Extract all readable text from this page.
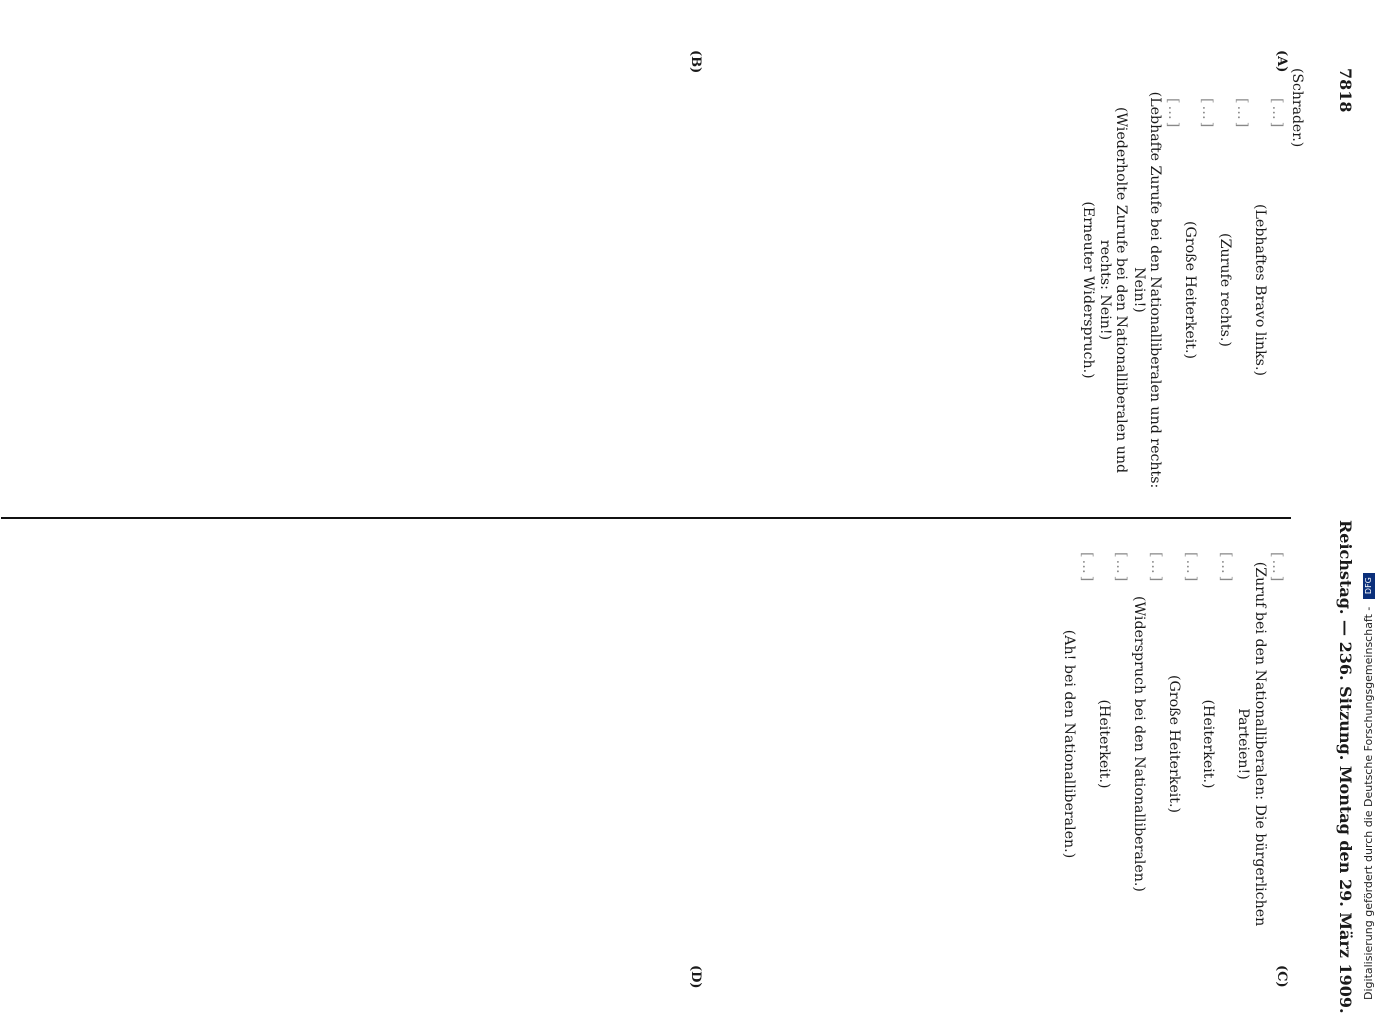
7818
Reichstag. — 236. Sitzung. Montag den 29. März 1909.
(Schrader.)
(A)
(B)
(C)
(D)

[…]

(Lebhaftes Bravo links.)

[…]

(Zurufe rechts.)

[…]

(Große Heiterkeit.)

[…]

(Lebhafte Zurufe bei den Nationalliberalen und rechts: Nein!)

(Wiederholte Zurufe bei den Nationalliberalen und rechts: Nein!)

(Erneuter Widerspruch.)

[…]

(Zuruf bei den Nationalliberalen: Die bürgerlichen Parteien!)

[…]

(Heiterkeit.)

[…]

(Große Heiterkeit.)

[…]

(Widerspruch bei den Nationalliberalen.)

[…]

(Heiterkeit.)

[…]

(Ah! bei den Nationalliberalen.)	Digitalisierung gefördert durch die Deutsche Forschungsgemeinschaft -DFG
